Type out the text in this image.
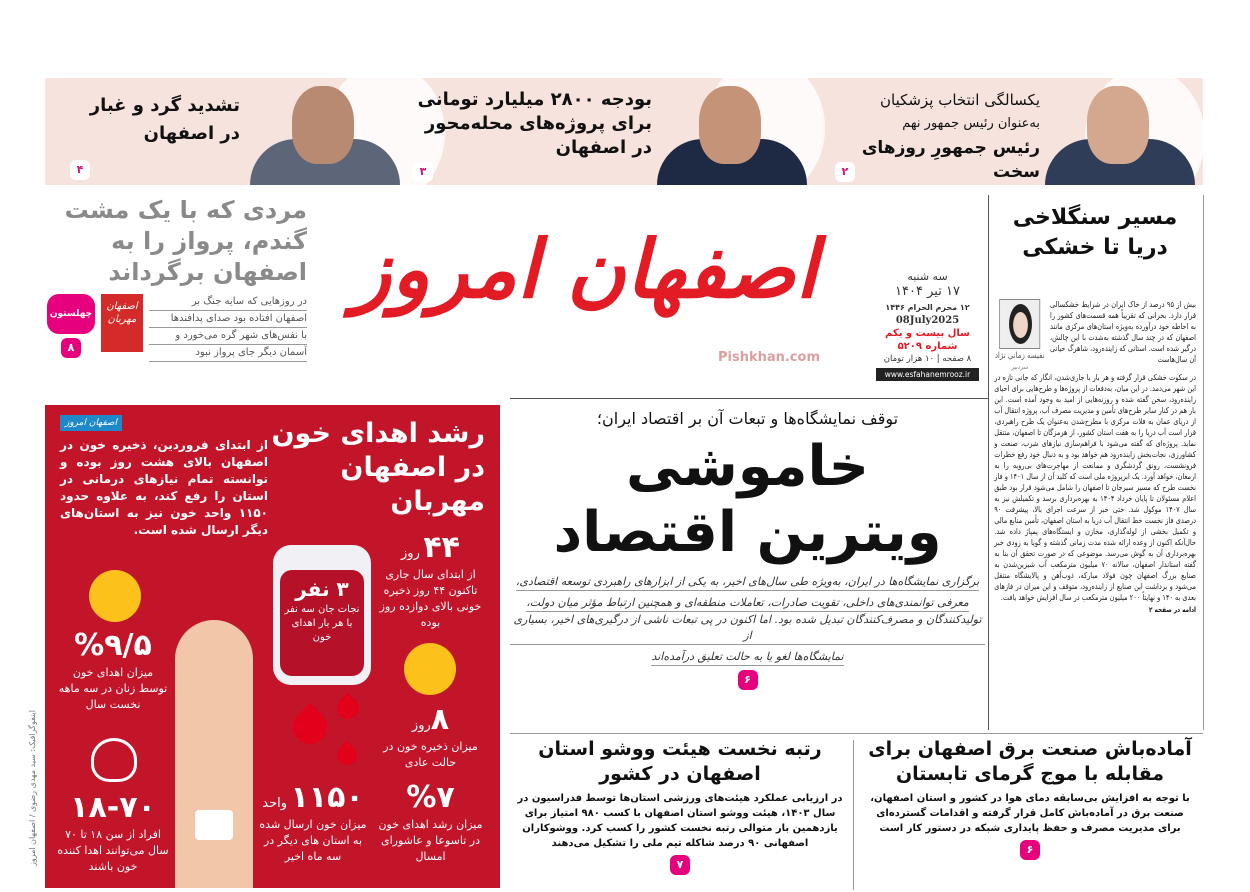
یکسالگی انتخاب پزشکیان
به‌عنوان رئیس جمهور نهم
رئیس جمهورِ روزهای سخت
۲
بودجه ۲۸۰۰ میلیارد تومانی
برای پروژه‌های محله‌محور
در اصفهان
۳
تشدید گرد و غبار
در اصفهان
۴
مردی که با یک مشت گندم، پرواز را به اصفهان برگرداند
در روزهایی که سایه جنگ بر
اصفهان افتاده بود صدای پدافندها
با نفس‌های شهر گره می‌خورد و
آسمان دیگر جای پرواز نبود
اصفهان مهربان
چهلستون
۸
اصفهان امروز
Pishkhan.com
سه شنبه
۱۷ تیر ۱۴۰۴
۱۲ محرم الحرام ۱۴۴۶
08July2025
سال بیست و یکم
شماره ۵۲۰۹
۸ صفحه | ۱۰ هزار تومان
www.esfahanemrooz.ir
رشد اهدای خون در اصفهان مهربان
اصفهان امروز
از ابتدای فروردین، ذخیره خون در اصفهان بالای هشت روز بوده و توانسته تمام نیازهای درمانی در استان را رفع کند، به علاوه حدود ۱۱۵۰ واحد خون نیز به استان‌های دیگر ارسال شده است.	۴۴ روز
از ابتدای سال جاری تاکنون ۴۴ روز ذخیره خونی بالای دوازده روز بوده
۳ نفر
نجات جان سه نفر با هر بار اهدای خون
%۹/۵
میزان اهدای خون توسط زنان در سه ماهه نخست سال	۸روز
میزان ذخیره خون در حالت عادی
%۷
میزان رشد اهدای خون در تاسوعا و عاشورای امسال
۱۱۵۰ واحد
میزان خون ارسال شده به استان های دیگر در سه ماه اخیر
۱۸-۷۰
افراد از سن ۱۸ تا ۷۰ سال می‌توانند اهدا کننده خون باشند
اینفوگرافیک: سید مهدی رضوی / اصفهان امروز
توقف نمایشگاه‌ها و تبعات آن بر اقتصاد ایران؛
خاموشی
ویترین اقتصاد

برگزاری نمایشگاه‌ها در ایران، به‌ویژه طی سال‌های اخیر، به یکی از ابزارهای راهبردی توسعه اقتصادی،

معرفی توانمندی‌های داخلی، تقویت صادرات، تعاملات منطقه‌ای و همچنین ارتباط مؤثر میان دولت،

تولیدکنندگان و مصرف‌کنندگان تبدیل شده بود. اما اکنون در پی تبعات ناشی از درگیری‌های اخیر، بسیاری از

نمایشگاه‌ها لغو یا به حالت تعلیق درآمده‌اند

۶
رتبه نخست هیئت ووشو استان اصفهان در کشور

در ارزیابی عملکرد هیئت‌های ورزشی استان‌ها توسط فدراسیون در سال ۱۴۰۳، هیئت ووشو استان اصفهان با کسب ۹۸۰ امتیاز برای یازدهمین بار متوالی رتبه نخست کشور را کسب کرد. ووشوکاران اصفهانی ۹۰ درصد شاکله تیم ملی را تشکیل می‌دهند

۷
آماده‌باش صنعت برق اصفهان برای مقابله با موج گرمای تابستان

با توجه به افزایش بی‌سابقه دمای هوا در کشور و استان اصفهان، صنعت برق در آماده‌باش کامل قرار گرفته و اقدامات گسترده‌ای برای مدیریت مصرف و حفظ پایداری شبکه در دستور کار است

۶
مسیر سنگلاخی دریا تا خشکی
بیش از ۹۵ درصد از خاک ایران در شرایط خشکسالی قرار دارد. بحرانی که تقریباً همه قسمت‌های کشور را به احاطه خود درآورده به‌ویژه استان‌های مرکزی مانند اصفهان که در چند سال گذشته به‌شدت با این چالش، درگیر شده است. استانی که زاینده‌رود، شاهرگ حیاتی آن سال‌هاست
نفیسه زمانی نژاد
سردبیر
در سکوت خشکی قرار گرفته و هر بار با جاری‌شدن، انگار که جانی تازه در این شهر می‌دمد. در این میان، به‌دفعات از پروژه‌ها و طرح‌هایی برای احیای زاینده‌رود، سخن گفته شده و روزنه‌هایی از امید به وجود آمده است. این بار هم در کنار سایر طرح‌های تأمین و مدیریت مصرف آب، پروژه انتقال آب از دریای عمان به فلات مرکزی با مطرح‌شدن به‌عنوان یک طرح راهبردی، قرار است آب دریا را به هفت استان کشور، از هرمزگان تا اصفهان، منتقل نماید. پروژه‌ای که گفته می‌شود با فراهم‌سازی نیازهای شرب، صنعت و کشاورزی، نجات‌بخش زاینده‌رود هم خواهد بود و به دنبال خود رفع خطرات فرونشست، رونق گردشگری و ممانعت از مهاجرت‌های بی‌رویه را به ارمغان، خواهد آورد. یک ابرپروژه ملی است که کلید آن از سال ۱۴۰۱ و فاز نخست طرح که مسیر سیرجان تا اصفهان را شامل می‌شود قرار بود طبق اعلام مسئولان تا پایان خرداد ۱۴۰۴ به بهره‌برداری برسد و تکمیلش نیز به سال ۱۴۰۷ موکول شد. حتی خبر از سرعت اجرای بالا، پیشرفت ۹۰ درصدی فاز نخست خط انتقال آب دریا به استان اصفهان، تأمین منابع مالی و تکمیل بخشی از لوله‌گذاری، مخازن و ایستگاه‌های پمپاژ داده شد. حال‌آنکه اکنون از وعده ارائه شده مدت زمانی گذشته و گویا به زودی خبر بهره‌برداری آن به گوش می‌رسد. موضوعی که در صورت تحقق آن بنا به گفته استاندار اصفهان، سالانه ۷۰ میلیون مترمکعب آب شیرین‌شدن به صنایع بزرگ اصفهان چون فولاد مبارکه، ذوب‌آهن و پالایشگاه منتقل می‌شود و برداشت این صنایع از زاینده‌رود، متوقف و این میزان در فازهای بعدی به ۱۴۰ و نهایتاً ۲۰۰ میلیون مترمکعب در سال افزایش خواهد یافت.
ادامه در صفحه ۲
